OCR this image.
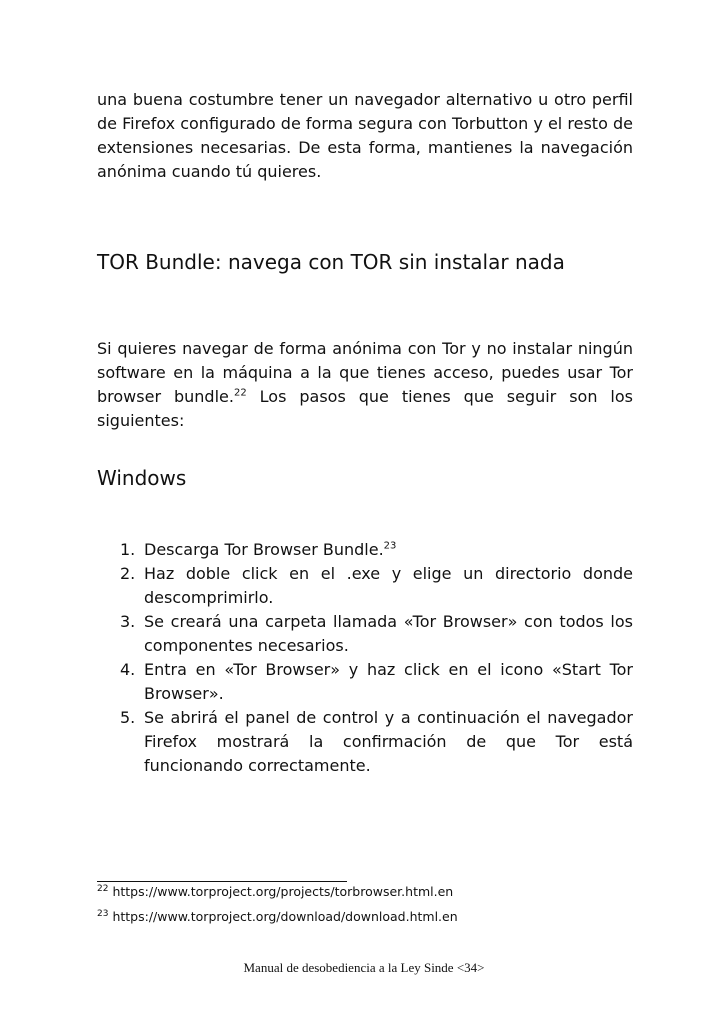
una buena costumbre tener un navegador alternativo u otro perfil de Firefox configurado de forma segura con Torbutton y el resto de extensiones necesarias. De esta forma, mantienes la navegación anónima cuando tú quieres.

TOR Bundle: navega con TOR sin instalar nada

Si quieres navegar de forma anónima con Tor y no instalar ningún software en la máquina a la que tienes acceso, puedes usar Tor browser bundle.$^{22}$ Los pasos que tienes que seguir son los siguientes:

Windows
1. Descarga Tor Browser Bundle.$^{23}$
2. Haz doble click en el .exe y elige un directorio donde descomprimirlo.
3. Se creará una carpeta llamada «Tor Browser» con todos los componentes necesarios.
4. Entra en «Tor Browser» y haz click en el icono «Start Tor Browser».
5. Se abrirá el panel de control y a continuación el navegador Firefox mostrará la confirmación de que Tor está funcionando correctamente.
$^{22}$ https://www.torproject.org/projects/torbrowser.html.en
$^{23}$ https://www.torproject.org/download/download.html.en
Manual de desobediencia a la Ley Sinde <34>
